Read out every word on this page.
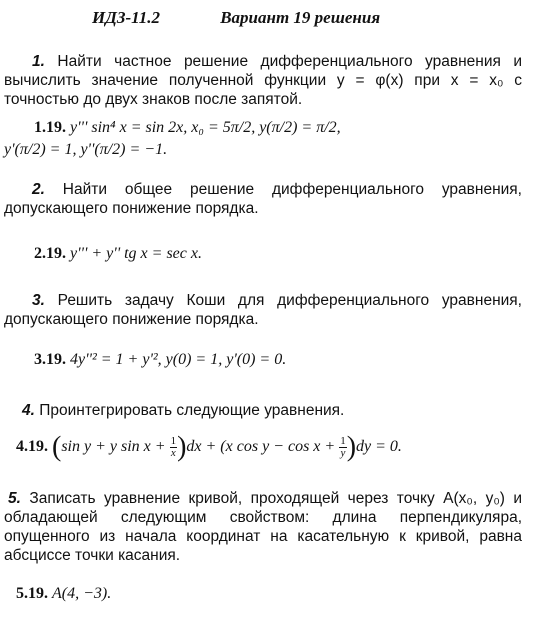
ИДЗ-11.2	Вариант 19 решения
1. Найти частное решение дифференциального уравнения и вычислить значение полученной функции y = φ(x) при x = x₀ с точностью до двух знаков после запятой.
1.19. y''' sin⁴ x = sin 2x, x₀ = 5π/2, y(π/2) = π/2,
y'(π/2) = 1, y''(π/2) = −1.
2. Найти общее решение дифференциального уравнения, допускающего понижение порядка.
2.19. y''' + y'' tg x = sec x.
3. Решить задачу Коши для дифференциального уравнения, допускающего понижение порядка.
3.19. 4y''² = 1 + y'², y(0) = 1, y'(0) = 0.
4. Проинтегрировать следующие уравнения.
4.19. (sin y + y $\sin x + \frac{1}{x} )dx + (x$ $\cos y - \cos x + \frac{1}{y} )dy = 0$.
5. Записать уравнение кривой, проходящей через точку A(x₀, y₀) и обладающей следующим свойством: длина перпендикуляра, опущенного из начала координат на касательную к кривой, равна абсциссе точки касания.
5.19. A(4, −3).
